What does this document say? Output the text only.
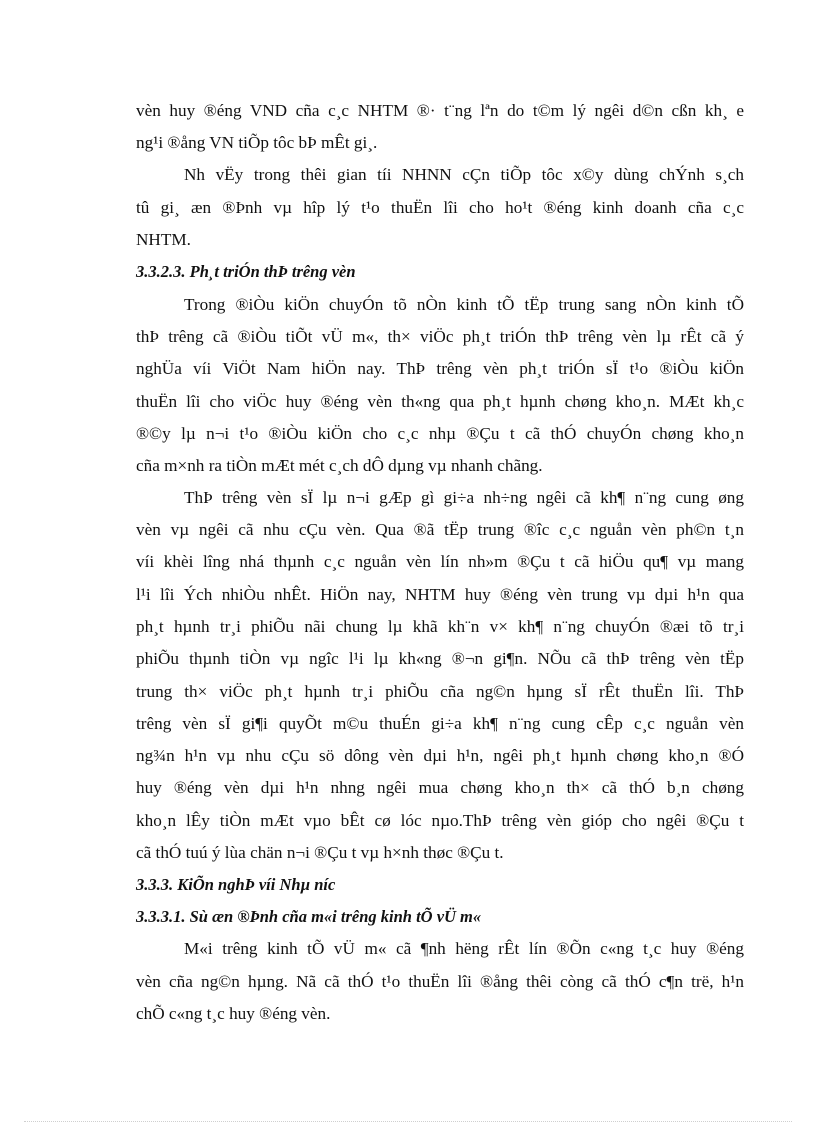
vèn huy ®éng VND cña c¸c NHTM ®· t¨ng lªn do t©m lý ngêi d©n cßn kh¸ e
ng¹i ®ång VN tiÕp tôc bÞ mÊt gi¸.
Nh vËy trong thêi gian tíi NHNN cÇn tiÕp tôc x©y dùng chÝnh s¸ch
tû gi¸ æn ®Þnh vµ hîp lý t¹o thuËn lîi cho ho¹t ®éng kinh doanh cña c¸c
NHTM.
3.3.2.3. Ph¸t triÓn thÞ trêng vèn
Trong ®iÒu kiÖn chuyÓn tõ nÒn kinh tÕ tËp trung sang nÒn kinh tÕ
thÞ trêng cã ®iÒu tiÕt vÜ m«, th× viÖc ph¸t triÓn thÞ trêng vèn lµ rÊt cã ý
nghÜa víi ViÖt Nam hiÖn nay. ThÞ trêng vèn ph¸t triÓn sÏ t¹o ®iÒu kiÖn
thuËn lîi cho viÖc huy ®éng vèn th«ng qua ph¸t hµnh chøng kho¸n. MÆt kh¸c
®©y lµ n¬i t¹o ®iÒu kiÖn cho c¸c nhµ ®Çu t cã thÓ chuyÓn chøng kho¸n
cña m×nh ra tiÒn mÆt mét c¸ch dÔ dµng vµ nhanh chãng.
ThÞ trêng vèn sÏ lµ n¬i gÆp gì gi÷a nh÷ng ngêi cã kh¶ n¨ng cung øng
vèn vµ ngêi cã nhu cÇu vèn. Qua ®ã tËp trung ®îc c¸c nguån vèn ph©n t¸n
víi khèi lîng nhá thµnh c¸c nguån vèn lín nh»m ®Çu t cã hiÖu qu¶ vµ mang
l¹i lîi Ých nhiÒu nhÊt. HiÖn nay, NHTM huy ®éng vèn trung vµ dµi h¹n qua
ph¸t hµnh tr¸i phiÕu nãi chung lµ khã kh¨n v× kh¶ n¨ng chuyÓn ®æi tõ tr¸i
phiÕu thµnh tiÒn vµ ngîc l¹i lµ kh«ng ®¬n gi¶n. NÕu cã thÞ trêng vèn tËp
trung th× viÖc ph¸t hµnh tr¸i phiÕu cña ng©n hµng sÏ rÊt thuËn lîi. ThÞ
trêng vèn sÏ gi¶i quyÕt m©u thuÉn gi÷a kh¶ n¨ng cung cÊp c¸c nguån vèn
ng¾n h¹n vµ nhu cÇu sö dông vèn dµi h¹n, ngêi ph¸t hµnh chøng kho¸n ®Ó
huy ®éng vèn dµi h¹n nhng ngêi mua chøng kho¸n th× cã thÓ b¸n chøng
kho¸n lÊy tiÒn mÆt vµo bÊt cø lóc nµo.ThÞ trêng vèn gióp cho ngêi ®Çu t
cã thÓ tuú ý lùa chän n¬i ®Çu t vµ h×nh thøc ®Çu t.
3.3.3. KiÕn nghÞ víi Nhµ níc
3.3.3.1. Sù æn ®Þnh cña m«i trêng kinh tÕ vÜ m«
M«i trêng kinh tÕ vÜ m« cã ¶nh hëng rÊt lín ®Õn c«ng t¸c huy ®éng
vèn cña ng©n hµng. Nã cã thÓ t¹o thuËn lîi ®ång thêi còng cã thÓ c¶n trë, h¹n
chÕ c«ng t¸c huy ®éng vèn.
